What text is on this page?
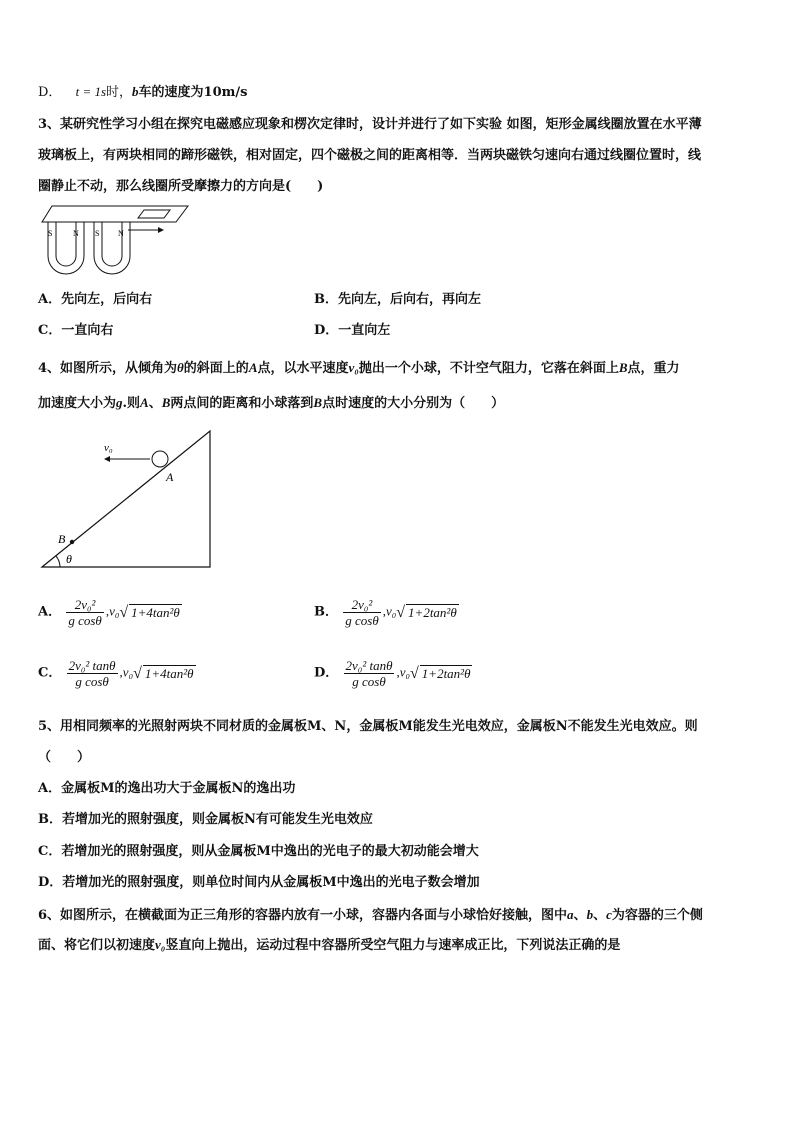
D． t = 1s时，b车的速度为10m/s
3、某研究性学习小组在探究电磁感应现象和楞次定律时，设计并进行了如下实验 如图，矩形金属线圈放置在水平薄
玻璃板上，有两块相同的蹄形磁铁，相对固定，四个磁极之间的距离相等．当两块磁铁匀速向右通过线圈位置时，线
圈静止不动，那么线圈所受摩擦力的方向是(　　)
S	N S N
A．先向左，后向右	B．先向左，后向右，再向左
C．一直向右	D．一直向左
4、如图所示，从倾角为θ的斜面上的A点，以水平速度v₀抛出一个小球，不计空气阻力，它落在斜面上B点，重力
加速度大小为g.则A、B两点间的距离和小球落到B点时速度的大小分别为（　　）
v₀
A
B
θ
A． $\frac{\text{2v₀²}}{\text{g cosθ}} ,v_0√$ 1+4tan²θ	B． $\frac{\text{2v₀²}}{\text{g cosθ}} ,v_0√$ 1+2tan²θ
C． $\frac{\text{2v₀² tanθ}}{\text{g cosθ}} ,v_0√$ 1+4tan²θ	D． $\frac{\text{2v₀² tanθ}}{\text{g cosθ}} ,v_0√$ 1+2tan²θ
5、用相同频率的光照射两块不同材质的金属板M、N，金属板M能发生光电效应，金属板N不能发生光电效应。则
（　　）
A．金属板M的逸出功大于金属板N的逸出功
B．若增加光的照射强度，则金属板N有可能发生光电效应
C．若增加光的照射强度，则从金属板M中逸出的光电子的最大初动能会增大
D．若增加光的照射强度，则单位时间内从金属板M中逸出的光电子数会增加
6、如图所示，在横截面为正三角形的容器内放有一小球，容器内各面与小球恰好接触，图中a、b、c为容器的三个侧
面、将它们以初速度v₀竖直向上抛出，运动过程中容器所受空气阻力与速率成正比，下列说法正确的是
